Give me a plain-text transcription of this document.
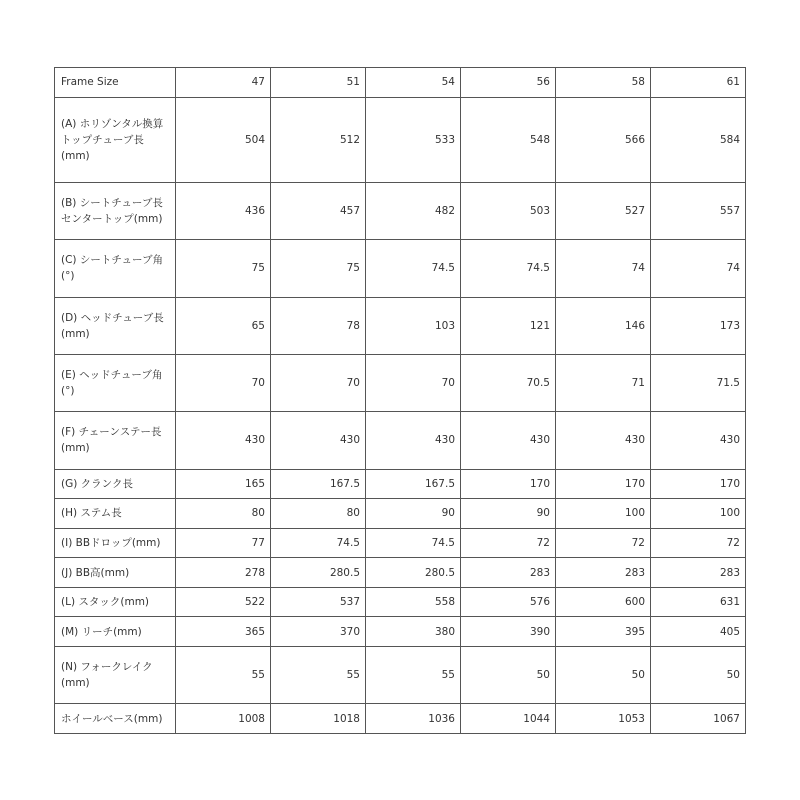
Frame Size	47	51	54	56	58	61
(A) ホリゾンタル換算トップチューブ長(mm)	504	512	533	548	566	584
(B) シートチューブ長センタートップ(mm)	436	457	482	503	527	557
(C) シートチューブ角 (°)	75	75	74.5	74.5	74	74
(D) ヘッドチューブ長 (mm)	65	78	103	121	146	173
(E) ヘッドチューブ角 (°)	70	70	70	70.5	71	71.5
(F) チェーンステー長 (mm)	430	430	430	430	430	430
(G) クランク長	165	167.5	167.5	170	170	170
(H) ステム長	80	80	90	90	100	100
(I) BBドロップ(mm)	77	74.5	74.5	72	72	72
(J) BB高(mm)	278	280.5	280.5	283	283	283
(L) スタック(mm)	522	537	558	576	600	631
(M) リーチ(mm)	365	370	380	390	395	405
(N) フォークレイク(mm)	55	55	55	50	50	50
ホイールベース(mm)	1008	1018	1036	1044	1053	1067
